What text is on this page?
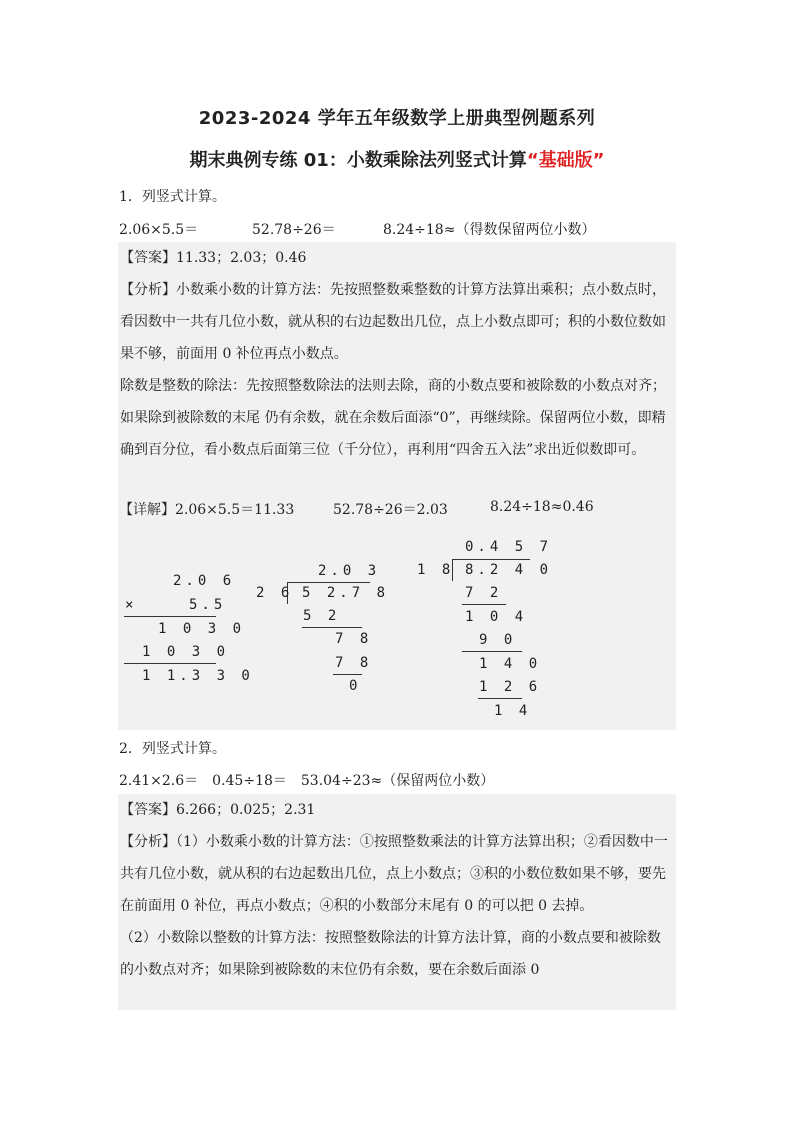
2023-2024 学年五年级数学上册典型例题系列
期末典例专练 01：小数乘除法列竖式计算“基础版”
1．列竖式计算。
2.06×5.5＝	52.78÷26＝	8.24÷18≈（得数保留两位小数）
【答案】11.33；2.03；0.46

【分析】小数乘小数的计算方法：先按照整数乘整数的计算方法算出乘积；点小数点时，看因数中一共有几位小数，就从积的右边起数出几位，点上小数点即可；积的小数位数如果不够，前面用 0 补位再点小数点。

除数是整数的除法：先按照整数除法的法则去除，商的小数点要和被除数的小数点对齐；如果除到被除数的末尾 仍有余数，就在余数后面添“0”，再继续除。保留两位小数，即精确到百分位，看小数点后面第三位（千分位），再利用“四舍五入法”求出近似数即可。

【详解】2.06×5.5＝11.33	52.78÷26＝2.03	8.24÷18≈0.46
2.0 6
×	5.5
1 0 3 0
1 0 3 0
1 1.3 3 0
2.0 3
2 6 5 2.7 8
5 2
7 8
7 8
0
0.4 5 7
1 8 8.2 4 0
7 2
1 0 4
9 0
1 4 0
1 2 6
1 4
2．列竖式计算。
2.41×2.6＝　0.45÷18＝　53.04÷23≈（保留两位小数）
【答案】6.266；0.025；2.31

【分析】（1）小数乘小数的计算方法：①按照整数乘法的计算方法算出积；②看因数中一共有几位小数，就从积的右边起数出几位，点上小数点；③积的小数位数如果不够，要先在前面用 0 补位，再点小数点；④积的小数部分末尾有 0 的可以把 0 去掉。

（2）小数除以整数的计算方法：按照整数除法的计算方法计算，商的小数点要和被除数的小数点对齐；如果除到被除数的末位仍有余数，要在余数后面添 0
